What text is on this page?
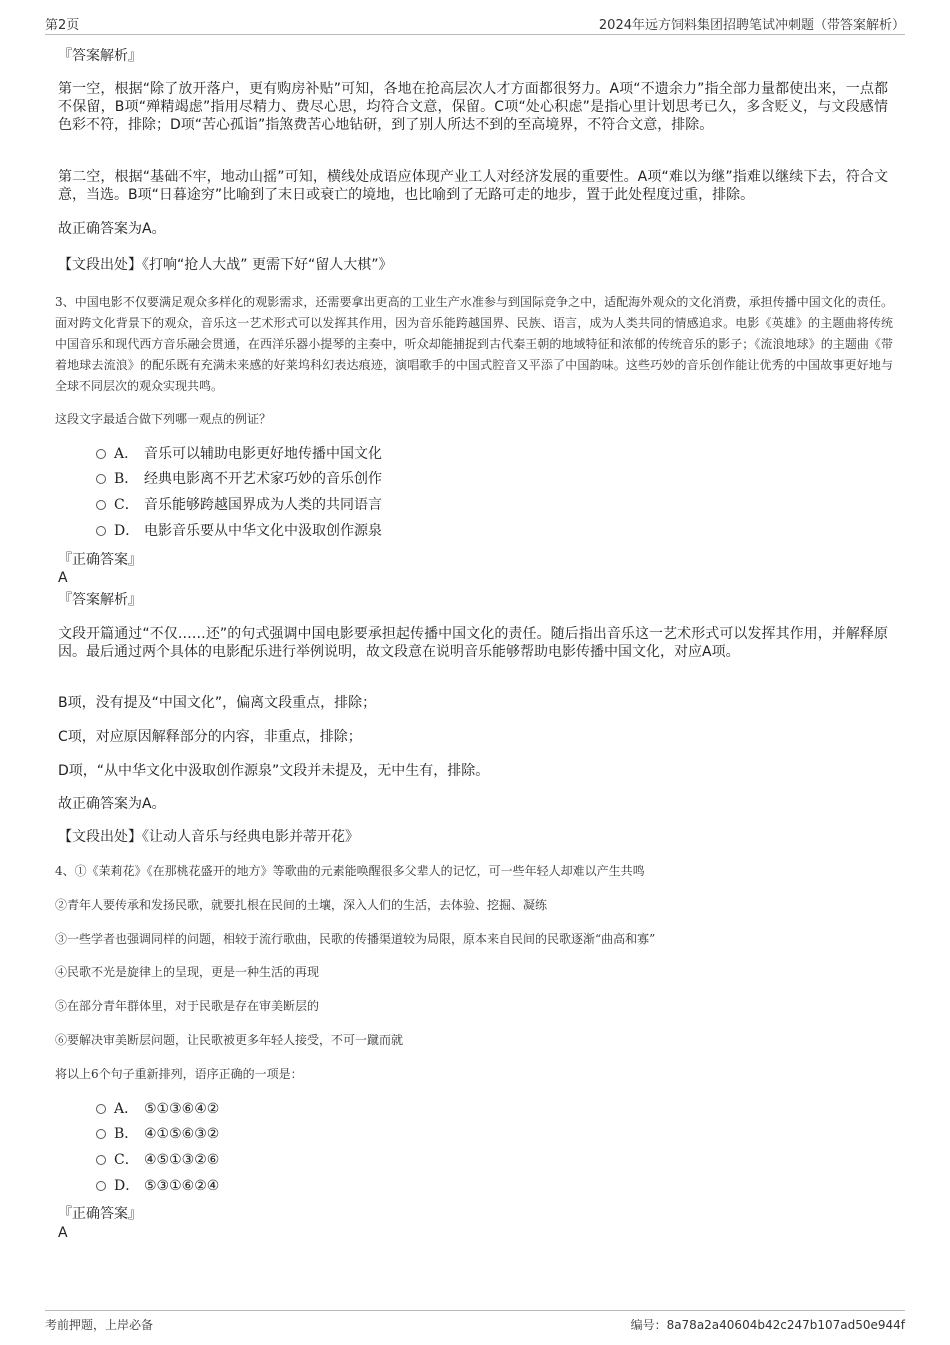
第2页	2024年远方饲料集团招聘笔试冲刺题（带答案解析）
『答案解析』
第一空，根据“除了放开落户，更有购房补贴”可知，各地在抢高层次人才方面都很努力。A项“不遗余力”指全部力量都使出来，一点都不保留，B项“殚精竭虑”指用尽精力、费尽心思，均符合文意，保留。C项“处心积虑”是指心里计划思考已久，多含贬义，与文段感情色彩不符，排除；D项“苦心孤诣”指煞费苦心地钻研，到了别人所达不到的至高境界，不符合文意，排除。
第二空，根据“基础不牢，地动山摇”可知，横线处成语应体现产业工人对经济发展的重要性。A项“难以为继”指难以继续下去，符合文意，当选。B项“日暮途穷”比喻到了末日或衰亡的境地，也比喻到了无路可走的地步，置于此处程度过重，排除。
故正确答案为A。
【文段出处】《打响“抢人大战” 更需下好“留人大棋”》
3、中国电影不仅要满足观众多样化的观影需求，还需要拿出更高的工业生产水准参与到国际竞争之中，适配海外观众的文化消费，承担传播中国文化的责任。面对跨文化背景下的观众，音乐这一艺术形式可以发挥其作用，因为音乐能跨越国界、民族、语言，成为人类共同的情感追求。电影《英雄》的主题曲将传统中国音乐和现代西方音乐融会贯通，在西洋乐器小提琴的主奏中，听众却能捕捉到古代秦王朝的地域特征和浓郁的传统音乐的影子；《流浪地球》的主题曲《带着地球去流浪》的配乐既有充满未来感的好莱坞科幻表达痕迹，演唱歌手的中国式腔音又平添了中国韵味。这些巧妙的音乐创作能让优秀的中国故事更好地与全球不同层次的观众实现共鸣。
这段文字最适合做下列哪一观点的例证？
A． 音乐可以辅助电影更好地传播中国文化
B． 经典电影离不开艺术家巧妙的音乐创作
C． 音乐能够跨越国界成为人类的共同语言
D． 电影音乐要从中华文化中汲取创作源泉
『正确答案』
A
『答案解析』
文段开篇通过“不仅……还”的句式强调中国电影要承担起传播中国文化的责任。随后指出音乐这一艺术形式可以发挥其作用，并解释原因。最后通过两个具体的电影配乐进行举例说明，故文段意在说明音乐能够帮助电影传播中国文化，对应A项。
B项，没有提及“中国文化”，偏离文段重点，排除；
C项，对应原因解释部分的内容，非重点，排除；
D项，“从中华文化中汲取创作源泉”文段并未提及，无中生有，排除。
故正确答案为A。
【文段出处】《让动人音乐与经典电影并蒂开花》
4、①《茉莉花》《在那桃花盛开的地方》等歌曲的元素能唤醒很多父辈人的记忆，可一些年轻人却难以产生共鸣
②青年人要传承和发扬民歌，就要扎根在民间的土壤，深入人们的生活，去体验、挖掘、凝练
③一些学者也强调同样的问题，相较于流行歌曲，民歌的传播渠道较为局限，原本来自民间的民歌逐渐“曲高和寡”
④民歌不光是旋律上的呈现，更是一种生活的再现
⑤在部分青年群体里，对于民歌是存在审美断层的
⑥要解决审美断层问题，让民歌被更多年轻人接受，不可一蹴而就
将以上6个句子重新排列，语序正确的一项是：
A． ⑤①③⑥④②
B． ④①⑤⑥③②
C． ④⑤①③②⑥
D． ⑤③①⑥②④
『正确答案』
A
考前押题，上岸必备	编号：8a78a2a40604b42c247b107ad50e944f
